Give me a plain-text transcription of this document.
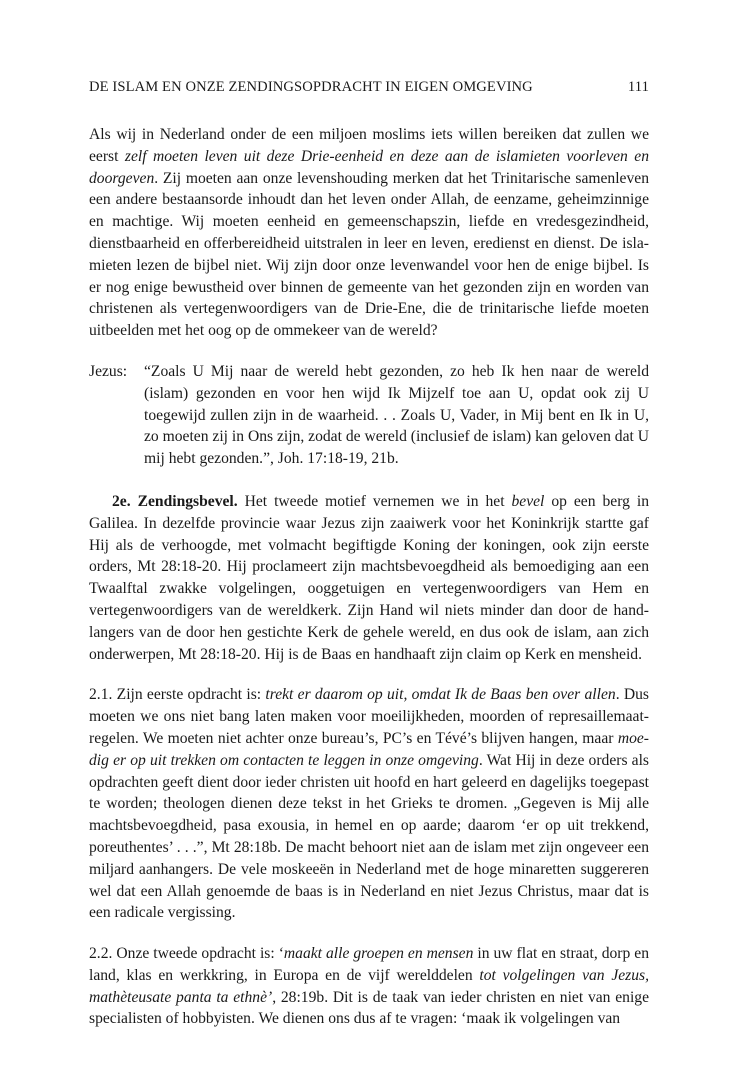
DE ISLAM EN ONZE ZENDINGSOPDRACHT IN EIGEN OMGEVING	111

Als wij in Nederland onder de een miljoen moslims iets willen bereiken dat zullen we eerst zelf moeten leven uit deze Drie-eenheid en deze aan de islamieten voorleven en doorgeven. Zij moeten aan onze levenshouding merken dat het Trinitarische samenleven een andere bestaansorde inhoudt dan het leven onder Allah, de eenzame, geheimzinnige en machtige. Wij moeten eenheid en gemeenschapszin, liefde en vredesgezindheid, dienstbaarheid en offerbereidheid uitstralen in leer en leven, eredienst en dienst. De islamieten lezen de bijbel niet. Wij zijn door onze levenwandel voor hen de enige bijbel. Is er nog enige bewustheid over binnen de gemeente van het gezonden zijn en worden van christenen als vertegenwoordigers van de Drie-Ene, die de trinitarische liefde moeten uitbeelden met het oog op de ommekeer van de wereld?

Jezus:	“Zoals U Mij naar de wereld hebt gezonden, zo heb Ik hen naar de wereld (islam) gezonden en voor hen wijd Ik Mijzelf toe aan U, opdat ook zij U toegewijd zullen zijn in de waarheid. . . Zoals U, Vader, in Mij bent en Ik in U, zo moeten zij in Ons zijn, zodat de wereld (inclusief de islam) kan geloven dat U mij hebt gezonden.”, Joh. 17:18-19, 21b.

2e. Zendingsbevel. Het tweede motief vernemen we in het bevel op een berg in Galilea. In dezelfde provincie waar Jezus zijn zaaiwerk voor het Koninkrijk startte gaf Hij als de verhoogde, met volmacht begiftigde Koning der koningen, ook zijn eerste orders, Mt 28:18-20. Hij proclameert zijn machtsbevoegdheid als bemoediging aan een Twaalftal zwakke volgelingen, ooggetuigen en vertegenwoordigers van Hem en vertegenwoordigers van de wereldkerk. Zijn Hand wil niets minder dan door de handlangers van de door hen gestichte Kerk de gehele wereld, en dus ook de islam, aan zich onderwerpen, Mt 28:18-20. Hij is de Baas en handhaaft zijn claim op Kerk en mensheid.

2.1. Zijn eerste opdracht is: trekt er daarom op uit, omdat Ik de Baas ben over allen. Dus moeten we ons niet bang laten maken voor moeilijkheden, moorden of represaillemaatregelen. We moeten niet achter onze bureau’s, PC’s en Tévé’s blijven hangen, maar moedig er op uit trekken om contacten te leggen in onze omgeving. Wat Hij in deze orders als opdrachten geeft dient door ieder christen uit hoofd en hart geleerd en dagelijks toegepast te worden; theologen dienen deze tekst in het Grieks te dromen. „Gegeven is Mij alle machtsbevoegdheid, pasa exousia, in hemel en op aarde; daarom ‘er op uit trekkend, poreuthentes’ . . .”, Mt 28:18b. De macht behoort niet aan de islam met zijn ongeveer een miljard aanhangers. De vele moskeeën in Nederland met de hoge minaretten suggereren wel dat een Allah genoemde de baas is in Nederland en niet Jezus Christus, maar dat is een radicale vergissing.

2.2. Onze tweede opdracht is: ‘maakt alle groepen en mensen in uw flat en straat, dorp en land, klas en werkkring, in Europa en de vijf werelddelen tot volgelingen van Jezus, mathèteusate panta ta ethnè’, 28:19b. Dit is de taak van ieder christen en niet van enige specialisten of hobbyisten. We dienen ons dus af te vragen: ‘maak ik volgelingen van
